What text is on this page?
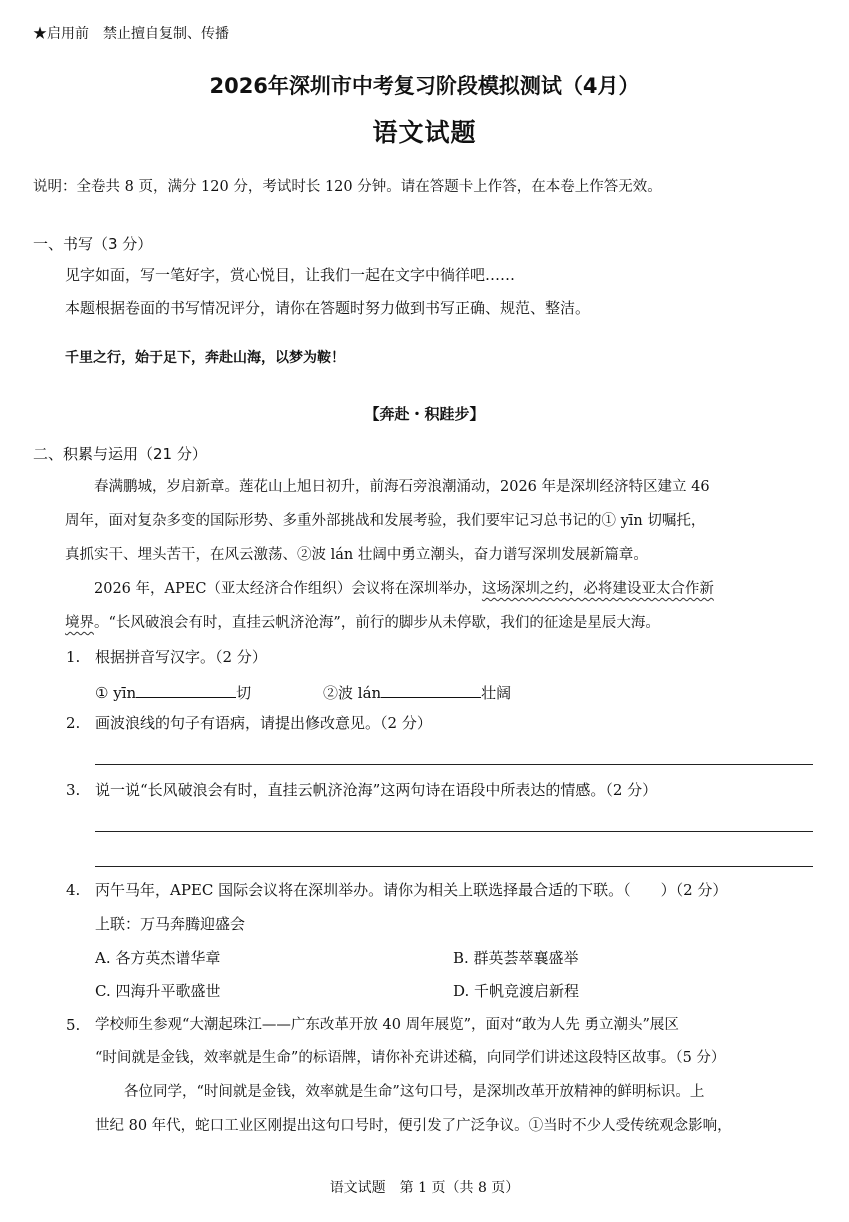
★启用前　禁止擅自复制、传播
2026年深圳市中考复习阶段模拟测试（4月）
语文试题
说明：全卷共 8 页，满分 120 分，考试时长 120 分钟。请在答题卡上作答，在本卷上作答无效。
一、书写（3 分）
见字如面，写一笔好字，赏心悦目，让我们一起在文字中徜徉吧……
本题根据卷面的书写情况评分，请你在答题时努力做到书写正确、规范、整洁。
千里之行，始于足下，奔赴山海，以梦为鞍！
【奔赴・积跬步】
二、积累与运用（21 分）
　　春满鹏城，岁启新章。莲花山上旭日初升，前海石旁浪潮涌动，2026 年是深圳经济特区建立 46
周年，面对复杂多变的国际形势、多重外部挑战和发展考验，我们要牢记习总书记的① yīn 切嘱托，
真抓实干、埋头苦干，在风云激荡、②波 lán 壮阔中勇立潮头，奋力谱写深圳发展新篇章。
　　2026 年，APEC（亚太经济合作组织）会议将在深圳举办，这场深圳之约，必将建设亚太合作新
境界。“长风破浪会有时，直挂云帆济沧海”，前行的脚步从未停歇，我们的征途是星辰大海。
1. 根据拼音写汉字。（2 分）
① yīn	切	②波 lán	壮阔
2. 画波浪线的句子有语病，请提出修改意见。（2 分）
3. 说一说“长风破浪会有时，直挂云帆济沧海”这两句诗在语段中所表达的情感。（2 分）
4. 丙午马年，APEC 国际会议将在深圳举办。请你为相关上联选择最合适的下联。（　　）（2 分）
上联：万马奔腾迎盛会
A. 各方英杰谱华章	B. 群英荟萃襄盛举
C. 四海升平歌盛世	D. 千帆竞渡启新程
5. 学校师生参观“大潮起珠江——广东改革开放 40 周年展览”，面对“敢为人先 勇立潮头”展区
“时间就是金钱，效率就是生命”的标语牌，请你补充讲述稿，向同学们讲述这段特区故事。（5 分）
　　各位同学，“时间就是金钱，效率就是生命”这句口号，是深圳改革开放精神的鲜明标识。上
世纪 80 年代，蛇口工业区刚提出这句口号时，便引发了广泛争议。①当时不少人受传统观念影响，
语文试题　第 1 页（共 8 页）
